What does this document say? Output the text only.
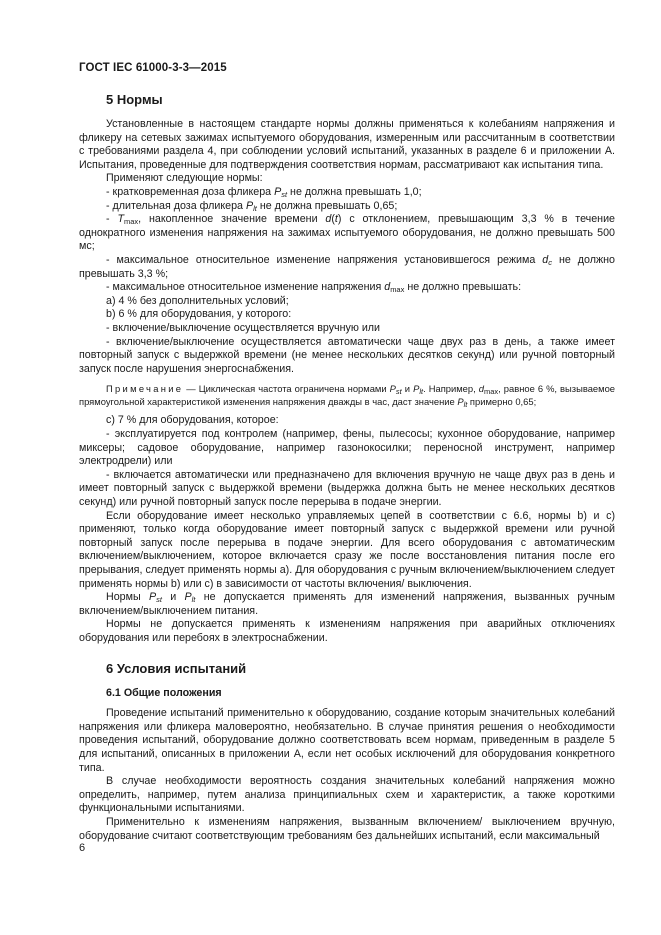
ГОСТ IEC 61000-3-3—2015

5 Нормы

Установленные в настоящем стандарте нормы должны применяться к колебаниям напряжения и фликеру на сетевых зажимах испытуемого оборудования, измеренным или рассчитанным в соответствии с требованиями раздела 4, при соблюдении условий испытаний, указанных в разделе 6 и приложении А. Испытания, проведенные для подтверждения соответствия нормам, рассматривают как испытания типа.

Применяют следующие нормы:

- кратковременная доза фликера $P_{st}$ не должна превышать 1,0;

- длительная доза фликера $P_{lt}$ не должна превышать 0,65;

- $T_{max}$, накопленное значение времени d(t) с отклонением, превышающим 3,3 % в течение однократного изменения напряжения на зажимах испытуемого оборудования, не должно превышать 500 мс;

- максимальное относительное изменение напряжения установившегося режима $d_c$ не должно превышать 3,3 %;

- максимальное относительное изменение напряжения $d_{max}$ не должно превышать:

а) 4 % без дополнительных условий;

b) 6 % для оборудования, у которого:

- включение/выключение осуществляется вручную или

- включение/выключение осуществляется автоматически чаще двух раз в день, а также имеет повторный запуск с выдержкой времени (не менее нескольких десятков секунд) или ручной повторный запуск после нарушения энергоснабжения.

Примечание — Циклическая частота ограничена нормами $P_{st}$ и $P_{lt}$. Например, $d_{max}$, равное 6 %, вызываемое прямоугольной характеристикой изменения напряжения дважды в час, даст значение $P_{lt}$ примерно 0,65;

с) 7 % для оборудования, которое:

- эксплуатируется под контролем (например, фены, пылесосы; кухонное оборудование, например миксеры; садовое оборудование, например газонокосилки; переносной инструмент, например электродрели) или

- включается автоматически или предназначено для включения вручную не чаще двух раз в день и имеет повторный запуск с выдержкой времени (выдержка должна быть не менее нескольких десятков секунд) или ручной повторный запуск после перерыва в подаче энергии.

Если оборудование имеет несколько управляемых цепей в соответствии с 6.6, нормы b) и с) применяют, только когда оборудование имеет повторный запуск с выдержкой времени или ручной повторный запуск после перерыва в подаче энергии. Для всего оборудования с автоматическим включением/выключением, которое включается сразу же после восстановления питания после его прерывания, следует применять нормы а). Для оборудования с ручным включением/выключением следует применять нормы b) или с) в зависимости от частоты включения/ выключения.

Нормы $P_{st}$ и $P_{lt}$ не допускается применять для изменений напряжения, вызванных ручным включением/выключением питания.

Нормы не допускается применять к изменениям напряжения при аварийных отключениях оборудования или перебоях в электроснабжении.

6 Условия испытаний

6.1 Общие положения

Проведение испытаний применительно к оборудованию, создание которым значительных колебаний напряжения или фликера маловероятно, необязательно. В случае принятия решения о необходимости проведения испытаний, оборудование должно соответствовать всем нормам, приведенным в разделе 5 для испытаний, описанных в приложении А, если нет особых исключений для оборудования конкретного типа.

В случае необходимости вероятность создания значительных колебаний напряжения можно определить, например, путем анализа принципиальных схем и характеристик, а также короткими функциональными испытаниями.

Применительно к изменениям напряжения, вызванным включением/ выключением вручную, оборудование считают соответствующим требованиям без дальнейших испытаний, если максимальный

6
